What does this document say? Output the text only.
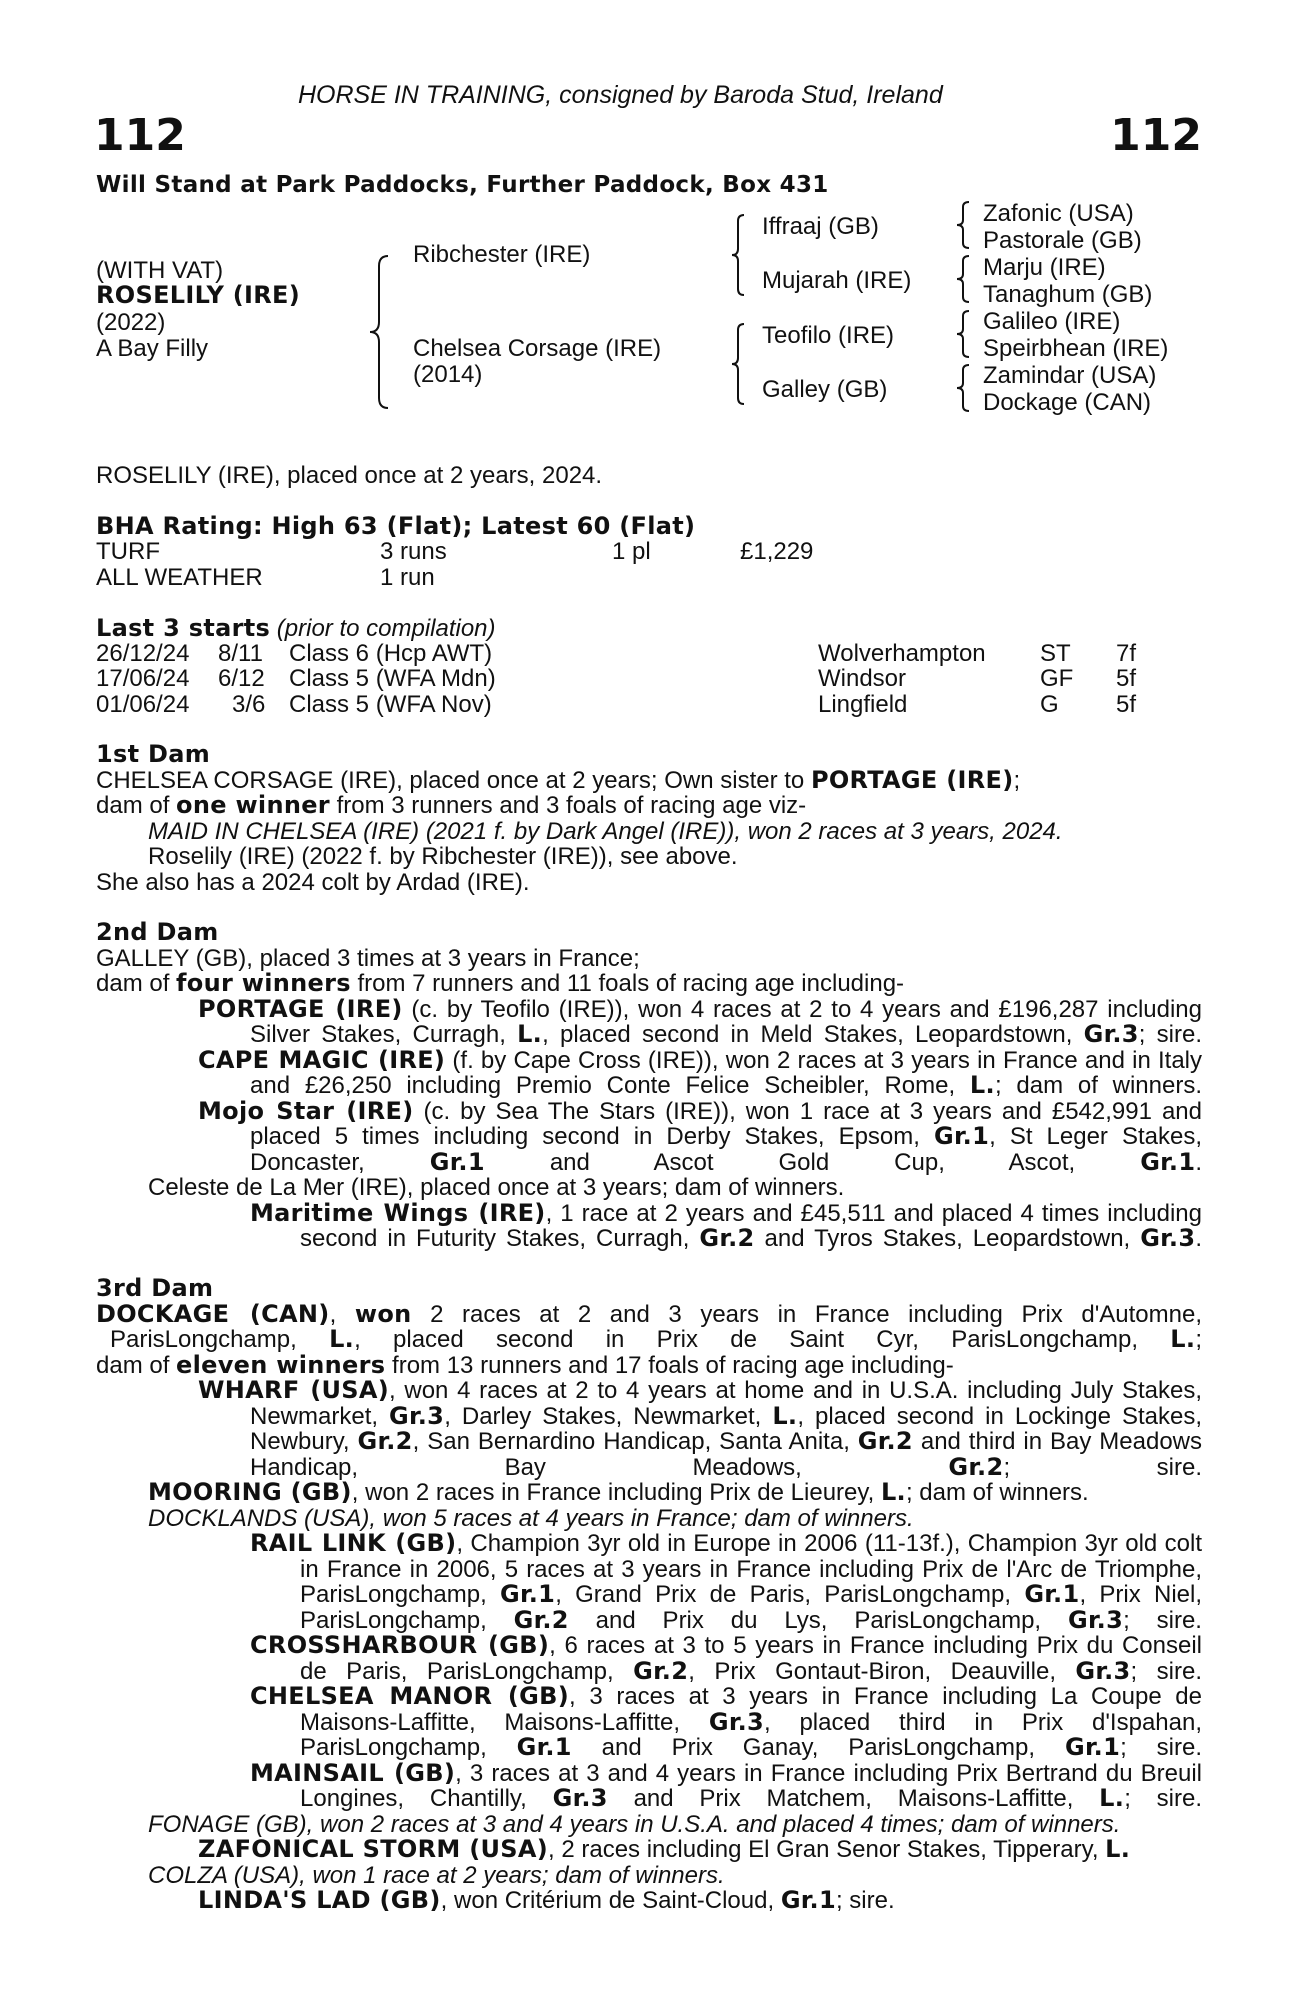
HORSE IN TRAINING, consigned by Baroda Stud, Ireland
112	112
Will Stand at Park Paddocks, Further Paddock, Box 431
(WITH VAT)
ROSELILY (IRE)
(2022)
A Bay Filly
Ribchester (IRE)
Chelsea Corsage (IRE)
(2014)
Iffraaj (GB)
Mujarah (IRE)
Teofilo (IRE)
Galley (GB)
Zafonic (USA)
Pastorale (GB)
Marju (IRE)
Tanaghum (GB)
Galileo (IRE)
Speirbhean (IRE)
Zamindar (USA)
Dockage (CAN)
ROSELILY (IRE), placed once at 2 years, 2024.
BHA Rating: High 63 (Flat); Latest 60 (Flat)
TURF	3 runs	1 pl	£1,229
ALL WEATHER	1 run
Last 3 starts (prior to compilation)
26/12/24 8/11 Class 6 (Hcp AWT)	Wolverhampton ST 7f
17/06/24 6/12 Class 5 (WFA Mdn)	Windsor	GF 5f
01/06/24 3/6 Class 5 (WFA Nov)	Lingfield	G 5f

1st Dam

CHELSEA CORSAGE (IRE), placed once at 2 years; Own sister to PORTAGE (IRE);

dam of one winner from 3 runners and 3 foals of racing age viz-

MAID IN CHELSEA (IRE) (2021 f. by Dark Angel (IRE)), won 2 races at 3 years, 2024.

Roselily (IRE) (2022 f. by Ribchester (IRE)), see above.

She also has a 2024 colt by Ardad (IRE).

2nd Dam

GALLEY (GB), placed 3 times at 3 years in France;

dam of four winners from 7 runners and 11 foals of racing age including-

PORTAGE (IRE) (c. by Teofilo (IRE)), won 4 races at 2 to 4 years and £196,287 including Silver Stakes, Curragh, L., placed second in Meld Stakes, Leopardstown, Gr.3; sire.

CAPE MAGIC (IRE) (f. by Cape Cross (IRE)), won 2 races at 3 years in France and in Italy and £26,250 including Premio Conte Felice Scheibler, Rome, L.; dam of winners.

Mojo Star (IRE) (c. by Sea The Stars (IRE)), won 1 race at 3 years and £542,991 and placed 5 times including second in Derby Stakes, Epsom, Gr.1, St Leger Stakes, Doncaster, Gr.1 and Ascot Gold Cup, Ascot, Gr.1.

Celeste de La Mer (IRE), placed once at 3 years; dam of winners.

Maritime Wings (IRE), 1 race at 2 years and £45,511 and placed 4 times including second in Futurity Stakes, Curragh, Gr.2 and Tyros Stakes, Leopardstown, Gr.3.

3rd Dam

DOCKAGE (CAN), won 2 races at 2 and 3 years in France including Prix d'Automne, ParisLongchamp, L., placed second in Prix de Saint Cyr, ParisLongchamp, L.;

dam of eleven winners from 13 runners and 17 foals of racing age including-

WHARF (USA), won 4 races at 2 to 4 years at home and in U.S.A. including July Stakes, Newmarket, Gr.3, Darley Stakes, Newmarket, L., placed second in Lockinge Stakes, Newbury, Gr.2, San Bernardino Handicap, Santa Anita, Gr.2 and third in Bay Meadows Handicap, Bay Meadows, Gr.2; sire.

MOORING (GB), won 2 races in France including Prix de Lieurey, L.; dam of winners.

DOCKLANDS (USA), won 5 races at 4 years in France; dam of winners.

RAIL LINK (GB), Champion 3yr old in Europe in 2006 (11-13f.), Champion 3yr old colt in France in 2006, 5 races at 3 years in France including Prix de l'Arc de Triomphe, ParisLongchamp, Gr.1, Grand Prix de Paris, ParisLongchamp, Gr.1, Prix Niel, ParisLongchamp, Gr.2 and Prix du Lys, ParisLongchamp, Gr.3; sire.

CROSSHARBOUR (GB), 6 races at 3 to 5 years in France including Prix du Conseil de Paris, ParisLongchamp, Gr.2, Prix Gontaut-Biron, Deauville, Gr.3; sire.

CHELSEA MANOR (GB), 3 races at 3 years in France including La Coupe de Maisons-Laffitte, Maisons-Laffitte, Gr.3, placed third in Prix d'Ispahan, ParisLongchamp, Gr.1 and Prix Ganay, ParisLongchamp, Gr.1; sire.

MAINSAIL (GB), 3 races at 3 and 4 years in France including Prix Bertrand du Breuil Longines, Chantilly, Gr.3 and Prix Matchem, Maisons-Laffitte, L.; sire.

FONAGE (GB), won 2 races at 3 and 4 years in U.S.A. and placed 4 times; dam of winners.

ZAFONICAL STORM (USA), 2 races including El Gran Senor Stakes, Tipperary, L.

COLZA (USA), won 1 race at 2 years; dam of winners.

LINDA'S LAD (GB), won Critérium de Saint-Cloud, Gr.1; sire.
